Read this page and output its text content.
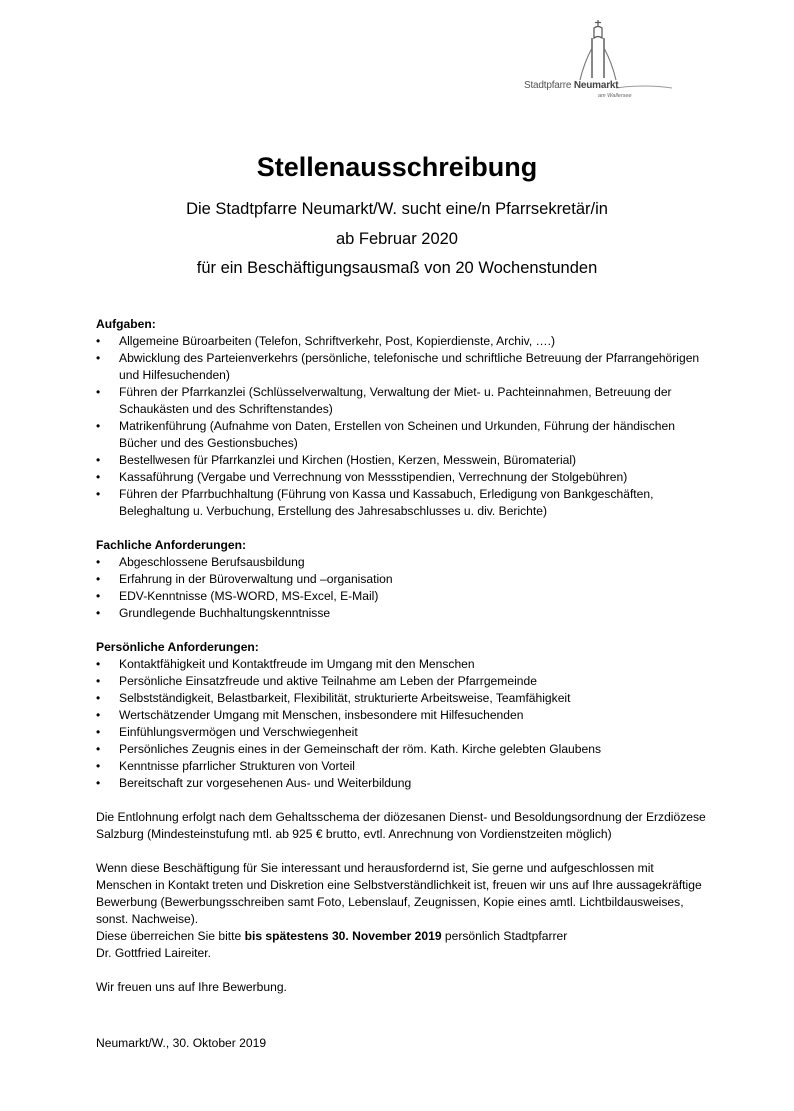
Stadtpfarre Neumarkt
am Wallersee
Stellenausschreibung

Die Stadtpfarre Neumarkt/W. sucht eine/n Pfarrsekretär/in

ab Februar 2020

für ein Beschäftigungsausmaß von 20 Wochenstunden

Aufgaben:

• Allgemeine Büroarbeiten (Telefon, Schriftverkehr, Post, Kopierdienste, Archiv, ….)
• Abwicklung des Parteienverkehrs (persönliche, telefonische und schriftliche Betreuung der Pfarrangehörigen und Hilfesuchenden)
• Führen der Pfarrkanzlei (Schlüsselverwaltung, Verwaltung der Miet- u. Pachteinnahmen, Betreuung der Schaukästen und des Schriftenstandes)
• Matrikenführung (Aufnahme von Daten, Erstellen von Scheinen und Urkunden, Führung der händischen Bücher und des Gestionsbuches)
• Bestellwesen für Pfarrkanzlei und Kirchen (Hostien, Kerzen, Messwein, Büromaterial)
• Kassaführung (Vergabe und Verrechnung von Messstipendien, Verrechnung der Stolgebühren)
• Führen der Pfarrbuchhaltung (Führung von Kassa und Kassabuch, Erledigung von Bankgeschäften, Beleghaltung u. Verbuchung, Erstellung des Jahresabschlusses u. div. Berichte)

Fachliche Anforderungen:

• Abgeschlossene Berufsausbildung
• Erfahrung in der Büroverwaltung und –organisation
• EDV-Kenntnisse (MS-WORD, MS-Excel, E-Mail)
• Grundlegende Buchhaltungskenntnisse

Persönliche Anforderungen:

• Kontaktfähigkeit und Kontaktfreude im Umgang mit den Menschen
• Persönliche Einsatzfreude und aktive Teilnahme am Leben der Pfarrgemeinde
• Selbstständigkeit, Belastbarkeit, Flexibilität, strukturierte Arbeitsweise, Teamfähigkeit
• Wertschätzender Umgang mit Menschen, insbesondere mit Hilfesuchenden
• Einfühlungsvermögen und Verschwiegenheit
• Persönliches Zeugnis eines in der Gemeinschaft der röm. Kath. Kirche gelebten Glaubens
• Kenntnisse pfarrlicher Strukturen von Vorteil
• Bereitschaft zur vorgesehenen Aus- und Weiterbildung

Die Entlohnung erfolgt nach dem Gehaltsschema der diözesanen Dienst- und Besoldungsordnung der Erzdiözese Salzburg (Mindesteinstufung mtl. ab 925 € brutto, evtl. Anrechnung von Vordienstzeiten möglich)

Wenn diese Beschäftigung für Sie interessant und herausfordernd ist, Sie gerne und aufgeschlossen mit Menschen in Kontakt treten und Diskretion eine Selbstverständlichkeit ist, freuen wir uns auf Ihre aussagekräftige Bewerbung (Bewerbungsschreiben samt Foto, Lebenslauf, Zeugnissen, Kopie eines amtl. Lichtbildausweises, sonst. Nachweise).

Diese überreichen Sie bitte bis spätestens 30. November 2019 persönlich Stadtpfarrer
Dr. Gottfried Laireiter.

Wir freuen uns auf Ihre Bewerbung.

Neumarkt/W., 30. Oktober 2019
